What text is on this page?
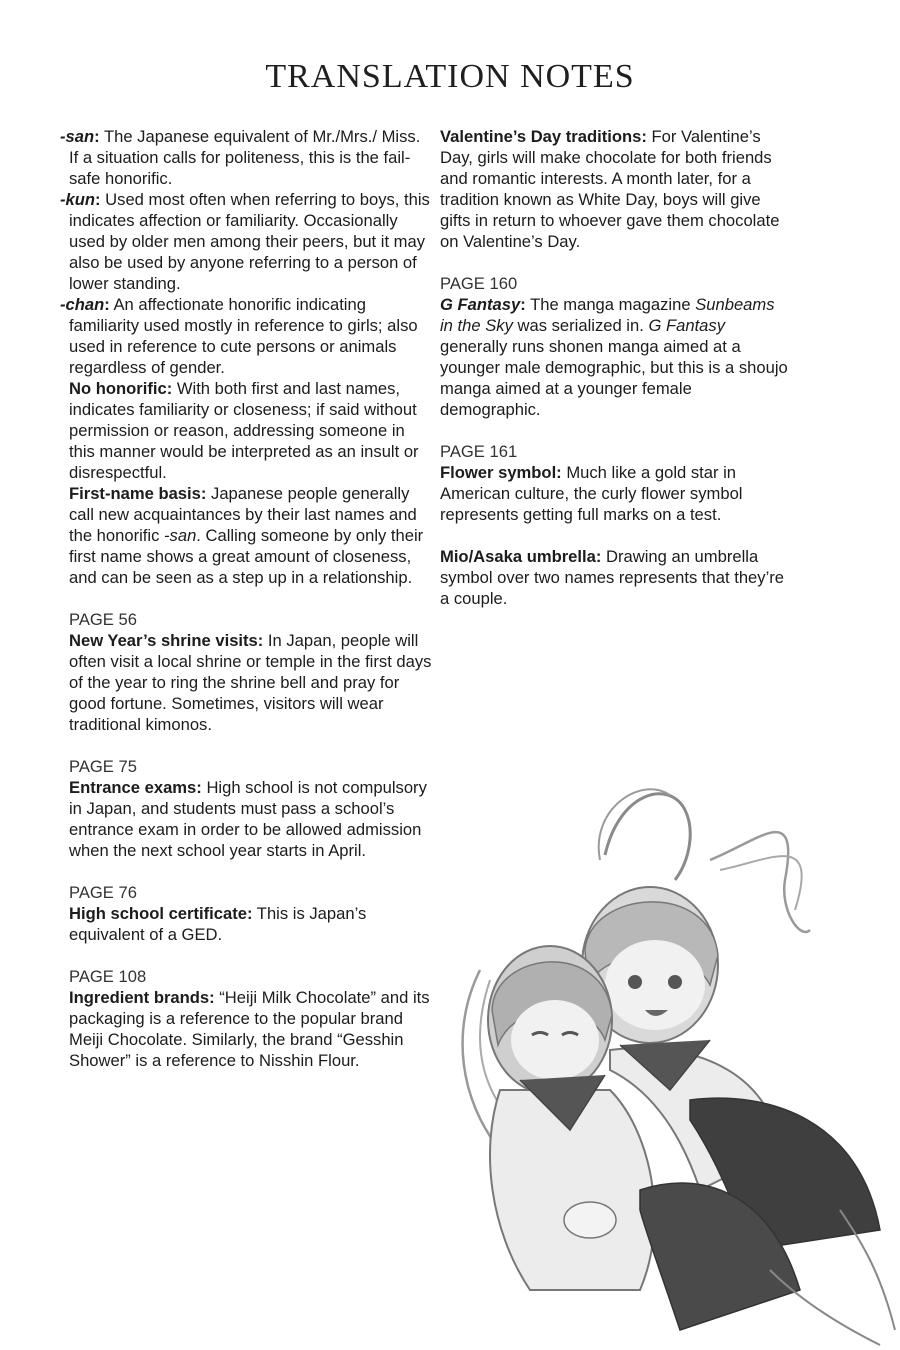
TRANSLATION NOTES
-san: The Japanese equivalent of Mr./Mrs./ Miss. If a situation calls for politeness, this is the fail-safe honorific.
-kun: Used most often when referring to boys, this indicates affection or familiarity. Occasionally used by older men among their peers, but it may also be used by anyone referring to a person of lower standing.
-chan: An affectionate honorific indicating familiarity used mostly in reference to girls; also used in reference to cute persons or animals regardless of gender.
No honorific: With both first and last names, indicates familiarity or closeness; if said without permission or reason, addressing someone in this manner would be interpreted as an insult or disrespectful.
First-name basis: Japanese people generally call new acquaintances by their last names and the honorific -san. Calling someone by only their first name shows a great amount of closeness, and can be seen as a step up in a relationship.
PAGE 56
New Year’s shrine visits: In Japan, people will often visit a local shrine or temple in the first days of the year to ring the shrine bell and pray for good fortune. Sometimes, visitors will wear traditional kimonos.
PAGE 75
Entrance exams: High school is not compulsory in Japan, and students must pass a school’s entrance exam in order to be allowed admission when the next school year starts in April.
PAGE 76
High school certificate: This is Japan’s equivalent of a GED.
PAGE 108
Ingredient brands: “Heiji Milk Chocolate” and its packaging is a reference to the popular brand Meiji Chocolate. Similarly, the brand “Gesshin Shower” is a reference to Nisshin Flour.
Valentine’s Day traditions: For Valentine’s Day, girls will make chocolate for both friends and romantic interests. A month later, for a tradition known as White Day, boys will give gifts in return to whoever gave them chocolate on Valentine’s Day.
PAGE 160
G Fantasy: The manga magazine Sunbeams in the Sky was serialized in. G Fantasy generally runs shonen manga aimed at a younger male demographic, but this is a shoujo manga aimed at a younger female demographic.
PAGE 161
Flower symbol: Much like a gold star in American culture, the curly flower symbol represents getting full marks on a test.
Mio/Asaka umbrella: Drawing an umbrella symbol over two names represents that they’re a couple.
